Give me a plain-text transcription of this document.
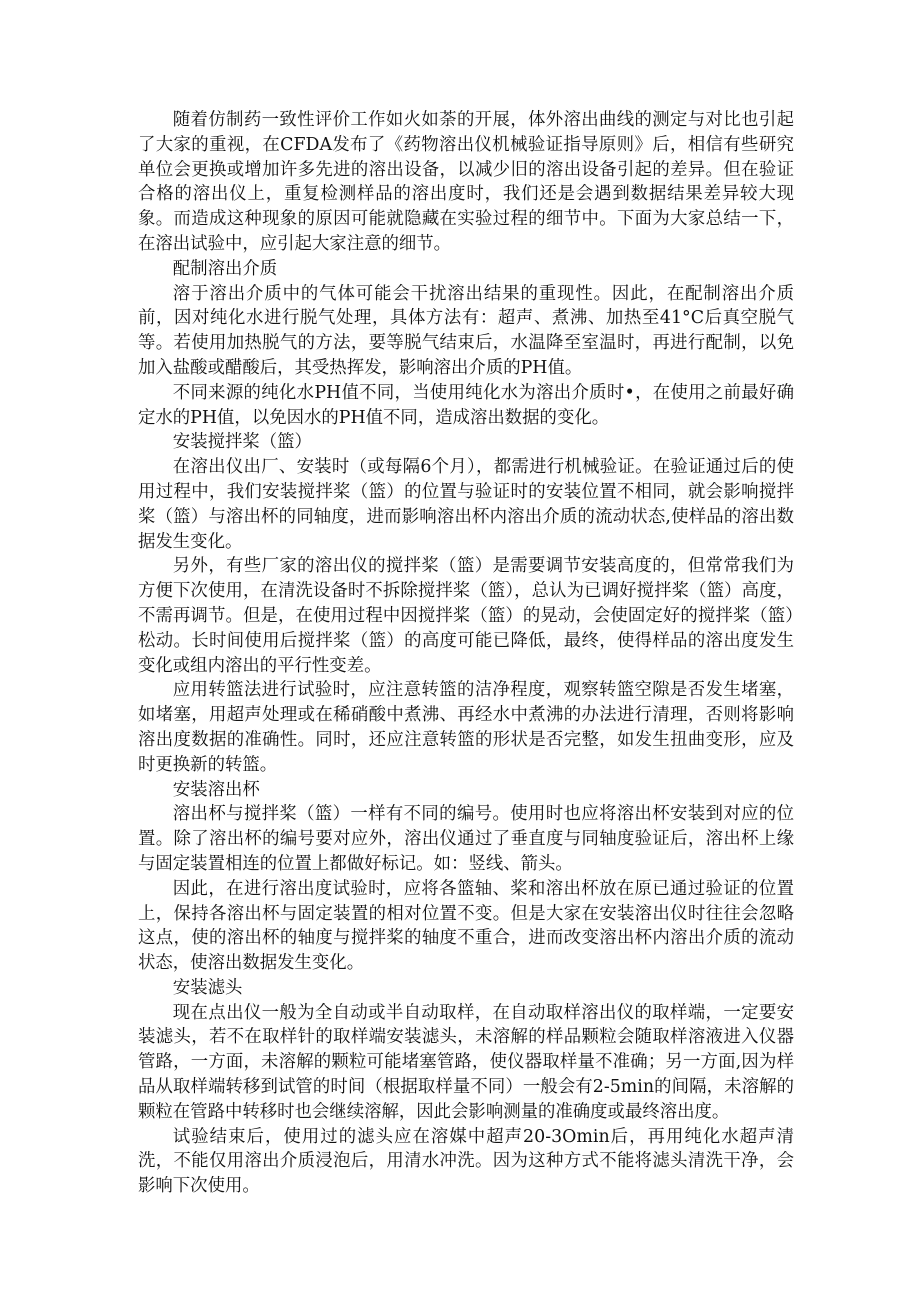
随着仿制药一致性评价工作如火如荼的开展，体外溶出曲线的测定与对比也引起了大家的重视，在CFDA发布了《药物溶出仪机械验证指导原则》后，相信有些研究单位会更换或增加许多先进的溶出设备，以减少旧的溶出设备引起的差异。但在验证合格的溶出仪上，重复检测样品的溶出度时，我们还是会遇到数据结果差异较大现象。而造成这种现象的原因可能就隐藏在实验过程的细节中。下面为大家总结一下，在溶出试验中，应引起大家注意的细节。

配制溶出介质

溶于溶出介质中的气体可能会干扰溶出结果的重现性。因此，在配制溶出介质前，因对纯化水进行脱气处理，具体方法有：超声、煮沸、加热至41°C后真空脱气等。若使用加热脱气的方法，要等脱气结束后，水温降至室温时，再进行配制，以免加入盐酸或醋酸后，其受热挥发，影响溶出介质的PH值。

不同来源的纯化水PH值不同，当使用纯化水为溶出介质时•，在使用之前最好确定水的PH值，以免因水的PH值不同，造成溶出数据的变化。

安装搅拌桨（篮）

在溶出仪出厂、安装时（或每隔6个月），都需进行机械验证。在验证通过后的使用过程中，我们安装搅拌桨（篮）的位置与验证时的安装位置不相同，就会影响搅拌桨（篮）与溶出杯的同轴度，进而影响溶出杯内溶出介质的流动状态,使样品的溶出数据发生变化。

另外，有些厂家的溶出仪的搅拌桨（篮）是需要调节安装高度的，但常常我们为方便下次使用，在清洗设备时不拆除搅拌桨（篮），总认为已调好搅拌桨（篮）高度，不需再调节。但是，在使用过程中因搅拌桨（篮）的晃动，会使固定好的搅拌桨（篮）松动。长时间使用后搅拌桨（篮）的高度可能已降低，最终，使得样品的溶出度发生变化或组内溶出的平行性变差。

应用转篮法进行试验时，应注意转篮的洁净程度，观察转篮空隙是否发生堵塞，如堵塞，用超声处理或在稀硝酸中煮沸、再经水中煮沸的办法进行清理，否则将影响溶出度数据的准确性。同时，还应注意转篮的形状是否完整，如发生扭曲变形，应及时更换新的转篮。

安装溶出杯

溶出杯与搅拌桨（篮）一样有不同的编号。使用时也应将溶出杯安装到对应的位置。除了溶出杯的编号要对应外，溶出仪通过了垂直度与同轴度验证后，溶出杯上缘与固定装置相连的位置上都做好标记。如：竖线、箭头。

因此，在进行溶出度试验时，应将各篮轴、桨和溶出杯放在原已通过验证的位置上，保持各溶出杯与固定装置的相对位置不变。但是大家在安装溶出仪时往往会忽略这点，使的溶出杯的轴度与搅拌桨的轴度不重合，进而改变溶出杯内溶出介质的流动状态，使溶出数据发生变化。

安装滤头

现在点出仪一般为全自动或半自动取样，在自动取样溶出仪的取样端，一定要安装滤头，若不在取样针的取样端安装滤头，未溶解的样品颗粒会随取样溶液进入仪器管路，一方面，未溶解的颗粒可能堵塞管路，使仪器取样量不准确；另一方面,因为样品从取样端转移到试管的时间（根据取样量不同）一般会有2-5min的间隔，未溶解的颗粒在管路中转移时也会继续溶解，因此会影响测量的准确度或最终溶出度。

试验结束后，使用过的滤头应在溶媒中超声20-3Omin后，再用纯化水超声清洗，不能仅用溶出介质浸泡后，用清水冲洗。因为这种方式不能将滤头清洗干净，会影响下次使用。
